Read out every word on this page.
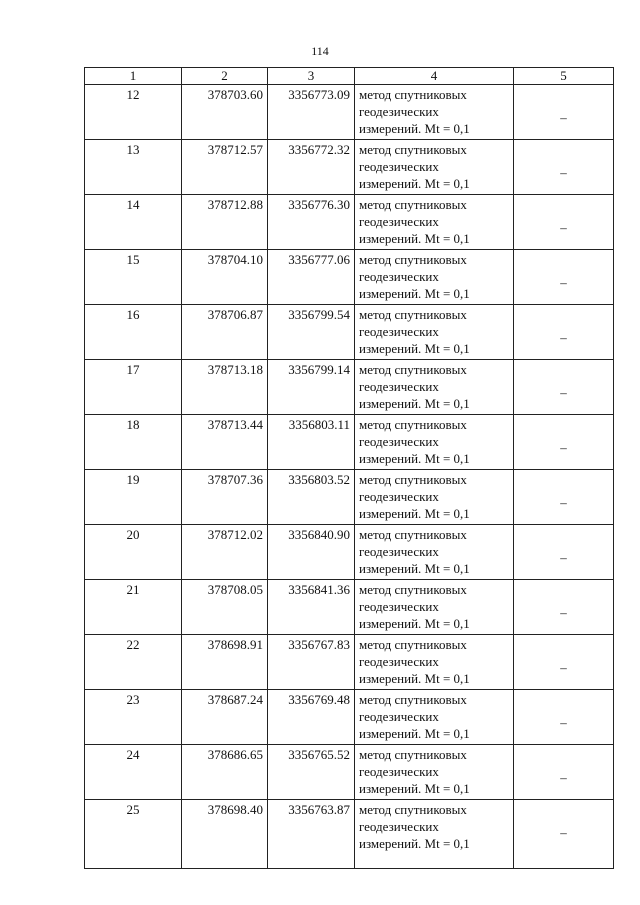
114
1	2	3	4	5
12	378703.60	3356773.09	метод спутниковых
геодезических
измерений. Mt = 0,1	–

13	378712.57	3356772.32	метод спутниковых
геодезических
измерений. Mt = 0,1	–

14	378712.88	3356776.30	метод спутниковых
геодезических
измерений. Mt = 0,1	–

15	378704.10	3356777.06	метод спутниковых
геодезических
измерений. Mt = 0,1	–

16	378706.87	3356799.54	метод спутниковых
геодезических
измерений. Mt = 0,1	–

17	378713.18	3356799.14	метод спутниковых
геодезических
измерений. Mt = 0,1	–

18	378713.44	3356803.11	метод спутниковых
геодезических
измерений. Mt = 0,1	–

19	378707.36	3356803.52	метод спутниковых
геодезических
измерений. Mt = 0,1	–

20	378712.02	3356840.90	метод спутниковых
геодезических
измерений. Mt = 0,1	–

21	378708.05	3356841.36	метод спутниковых
геодезических
измерений. Mt = 0,1	–

22	378698.91	3356767.83	метод спутниковых
геодезических
измерений. Mt = 0,1	–

23	378687.24	3356769.48	метод спутниковых
геодезических
измерений. Mt = 0,1	–

24	378686.65	3356765.52	метод спутниковых
геодезических
измерений. Mt = 0,1	–

25	378698.40	3356763.87	метод спутниковых
геодезических
измерений. Mt = 0,1	–
